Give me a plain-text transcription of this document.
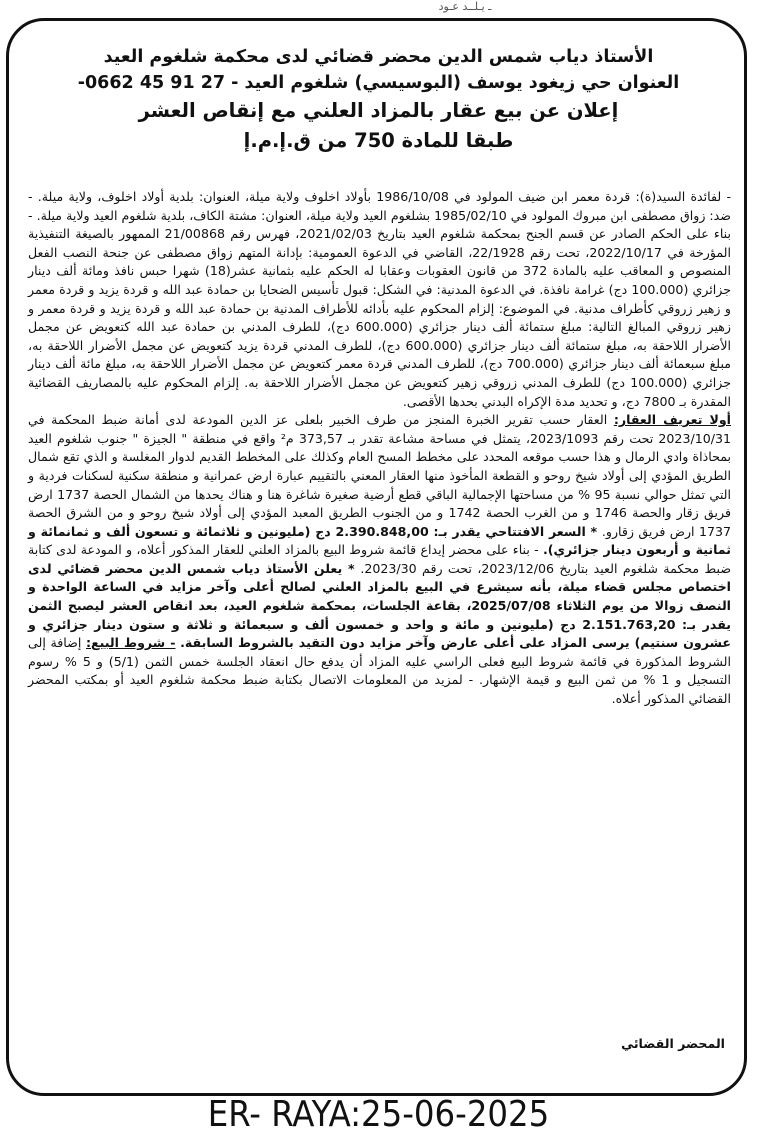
ـ يـلــد عـود
الأستاذ دياب شمس الدين محضر قضائي لدى محكمة شلغوم العيد
العنوان حي زيغود يوسف (البوسيسي) شلغوم العيد - 27 91 45 0662-
إعلان عن بيع عقار بالمزاد العلني مع إنقاص العشر
طبقا للمادة 750 من ق.إ.م.إ

- لفائدة السيد(ة): قردة معمر ابن ضيف المولود في 1986/10/08 بأولاد اخلوف ولاية ميلة، العنوان: بلدية أولاد اخلوف، ولاية ميلة. - ضد: زواق مصطفى ابن مبروك المولود في 1985/02/10 بشلغوم العيد ولاية ميلة، العنوان: مشتة الكاف، بلدية شلغوم العيد ولاية ميلة. - بناء على الحكم الصادر عن قسم الجنح بمحكمة شلغوم العيد بتاريخ 2021/02/03، فهرس رقم 21/00868 الممهور بالصيغة التنفيذية المؤرخة في 2022/10/17، تحت رقم 22/1928، القاضي في الدعوة العمومية: بإدانة المتهم زواق مصطفى عن جنحة النصب الفعل المنصوص و المعاقب عليه بالمادة 372 من قانون العقوبات وعقابا له الحكم عليه بثمانية عشر(18) شهرا حبس نافذ ومائة ألف دينار جزائري (100.000 دج) غرامة نافذة. في الدعوة المدنية: في الشكل: قبول تأسيس الضحايا بن حمادة عبد الله و قردة يزيد و قردة معمر و زهير زروقي كأطراف مدنية. في الموضوع: إلزام المحكوم عليه بأدائه للأطراف المدنية بن حمادة عبد الله و قردة يزيد و قردة معمر و زهير زروقي المبالغ التالية: مبلغ ستمائة ألف دينار جزائري (600.000 دج)، للطرف المدني بن حمادة عبد الله كتعويض عن مجمل الأضرار اللاحقة به، مبلغ ستمائة ألف دينار جزائري (600.000 دج)، للطرف المدني قردة يزيد كتعويض عن مجمل الأضرار اللاحقة به، مبلغ سبعمائة ألف دينار جزائري (700.000 دج)، للطرف المدني قردة معمر كتعويض عن مجمل الأضرار اللاحقة به، مبلغ مائة ألف دينار جزائري (100.000 دج) للطرف المدني زروقي زهير كتعويض عن مجمل الأضرار اللاحقة به. إلزام المحكوم عليه بالمصاريف القضائية المقدرة بـ 7800 دج، و تحديد مدة الإكراه البدني بحدها الأقصى.

أولا تعريف العقار: العقار حسب تقرير الخبرة المنجز من طرف الخبير بلعلى عز الدين المودعة لدى أمانة ضبط المحكمة في 2023/10/31 تحت رقم 2023/1093، يتمثل في مساحة مشاعة تقدر بـ 373,57 م² واقع في منطقة " الجيزة " جنوب شلغوم العيد بمحاذاة وادي الرمال و هذا حسب موقعه المحدد على مخطط المسح العام وكذلك على المخطط القديم لدوار المغلسة و الذي تقع شمال الطريق المؤدي إلى أولاد شيخ روحو و القطعة المأخوذ منها العقار المعني بالتقييم عبارة ارض عمرانية و منطقة سكنية لسكنات فردية و التي تمثل حوالي نسبة 95 % من مساحتها الإجمالية الباقي قطع أرضية صغيرة شاغرة هنا و هناك يحدها من الشمال الحصة 1737 ارض فريق زقار والحصة 1746 و من الغرب الحصة 1742 و من الجنوب الطريق المعبد المؤدي إلى أولاد شيخ روحو و من الشرق الحصة 1737 ارض فريق زقارو. * السعر الافتتاحي يقدر بـ: 2.390.848,00 دج (مليونين و ثلاثمائة و تسعون ألف و ثمانمائة و ثمانية و أربعون دينار جزائري). - بناء على محضر إيداع قائمة شروط البيع بالمزاد العلني للعقار المذكور أعلاه، و المودعة لدى كتابة ضبط محكمة شلغوم العيد بتاريخ 2023/12/06، تحت رقم 2023/30. * يعلن الأستاذ دياب شمس الدين محضر قضائي لدى اختصاص مجلس قضاء ميلة، بأنه سيشرع في البيع بالمزاد العلني لصالح أعلى وآخر مزايد في الساعة الواحدة و النصف زوالا من يوم الثلاثاء 2025/07/08، بقاعة الجلسات، بمحكمة شلغوم العيد، بعد انقاص العشر ليصبح الثمن يقدر بـ: 2.151.763,20 دج (مليونين و مائة و واحد و خمسون ألف و سبعمائة و ثلاثة و ستون دينار جزائري و عشرون سنتيم) يرسى المزاد على أعلى عارض وآخر مزايد دون التقيد بالشروط السابقة. - شروط البيع: إضافة إلى الشروط المذكورة في قائمة شروط البيع فعلى الراسي عليه المزاد أن يدفع حال انعقاد الجلسة خمس الثمن (5/1) و 5 % رسوم التسجيل و 1 % من ثمن البيع و قيمة الإشهار. - لمزيد من المعلومات الاتصال بكتابة ضبط محكمة شلغوم العيد أو بمكتب المحضر القضائي المذكور أعلاه.

المحضر القضائي
ER- RAYA:25-06-2025
